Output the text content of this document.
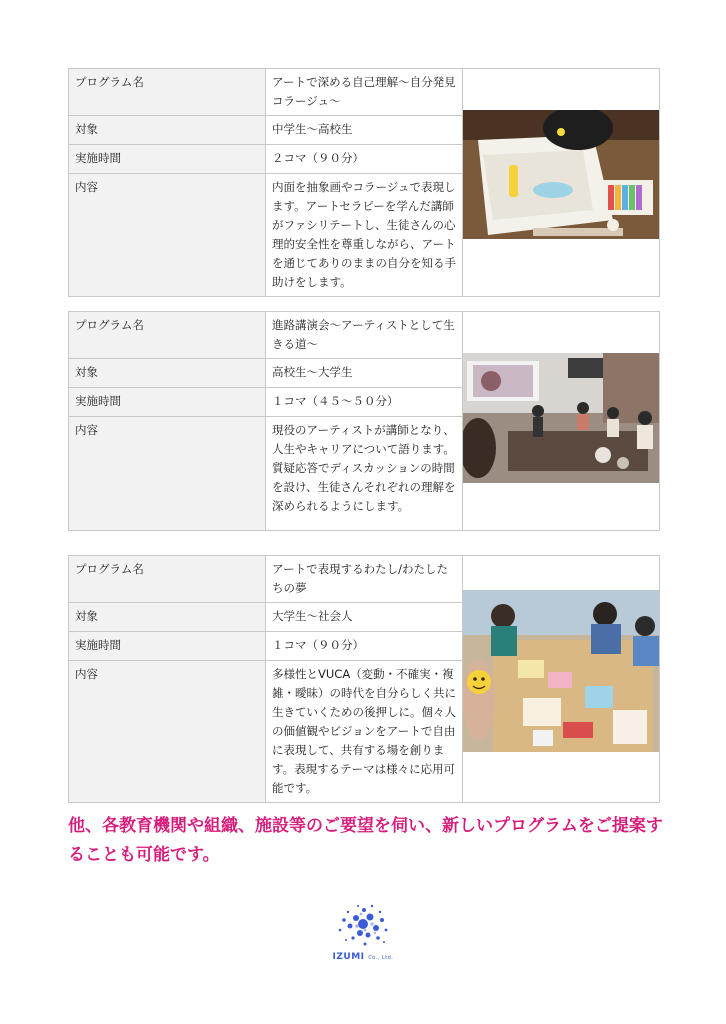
プログラム名	アートで深める自己理解〜自分発見コラージュ〜	

対象	中学生〜高校生	
実施時間	２コマ（９０分）	
内容	内面を抽象画やコラージュで表現します。アートセラピーを学んだ講師がファシリテートし、生徒さんの心理的安全性を尊重しながら、アートを通じてありのままの自分を知る手助けをします。	
プログラム名	進路講演会〜アーティストとして生きる道〜	

対象	高校生〜大学生	
実施時間	１コマ（４５〜５０分）	
内容	現役のアーティストが講師となり、人生やキャリアについて語ります。質疑応答でディスカッションの時間を設け、生徒さんそれぞれの理解を深められるようにします。	
プログラム名	アートで表現するわたし/わたしたちの夢	

対象	大学生〜社会人	
実施時間	１コマ（９０分）	
内容	多様性とVUCA（変動・不確実・複雑・曖昧）の時代を自分らしく共に生きていくための後押しに。個々人の価値観やビジョンをアートで自由に表現して、共有する場を創ります。表現するテーマは様々に応用可能です。	
他、各教育機関や組織、施設等のご要望を伺い、新しいプログラムをご提案することも可能です。
IZUMI Co., Ltd.
